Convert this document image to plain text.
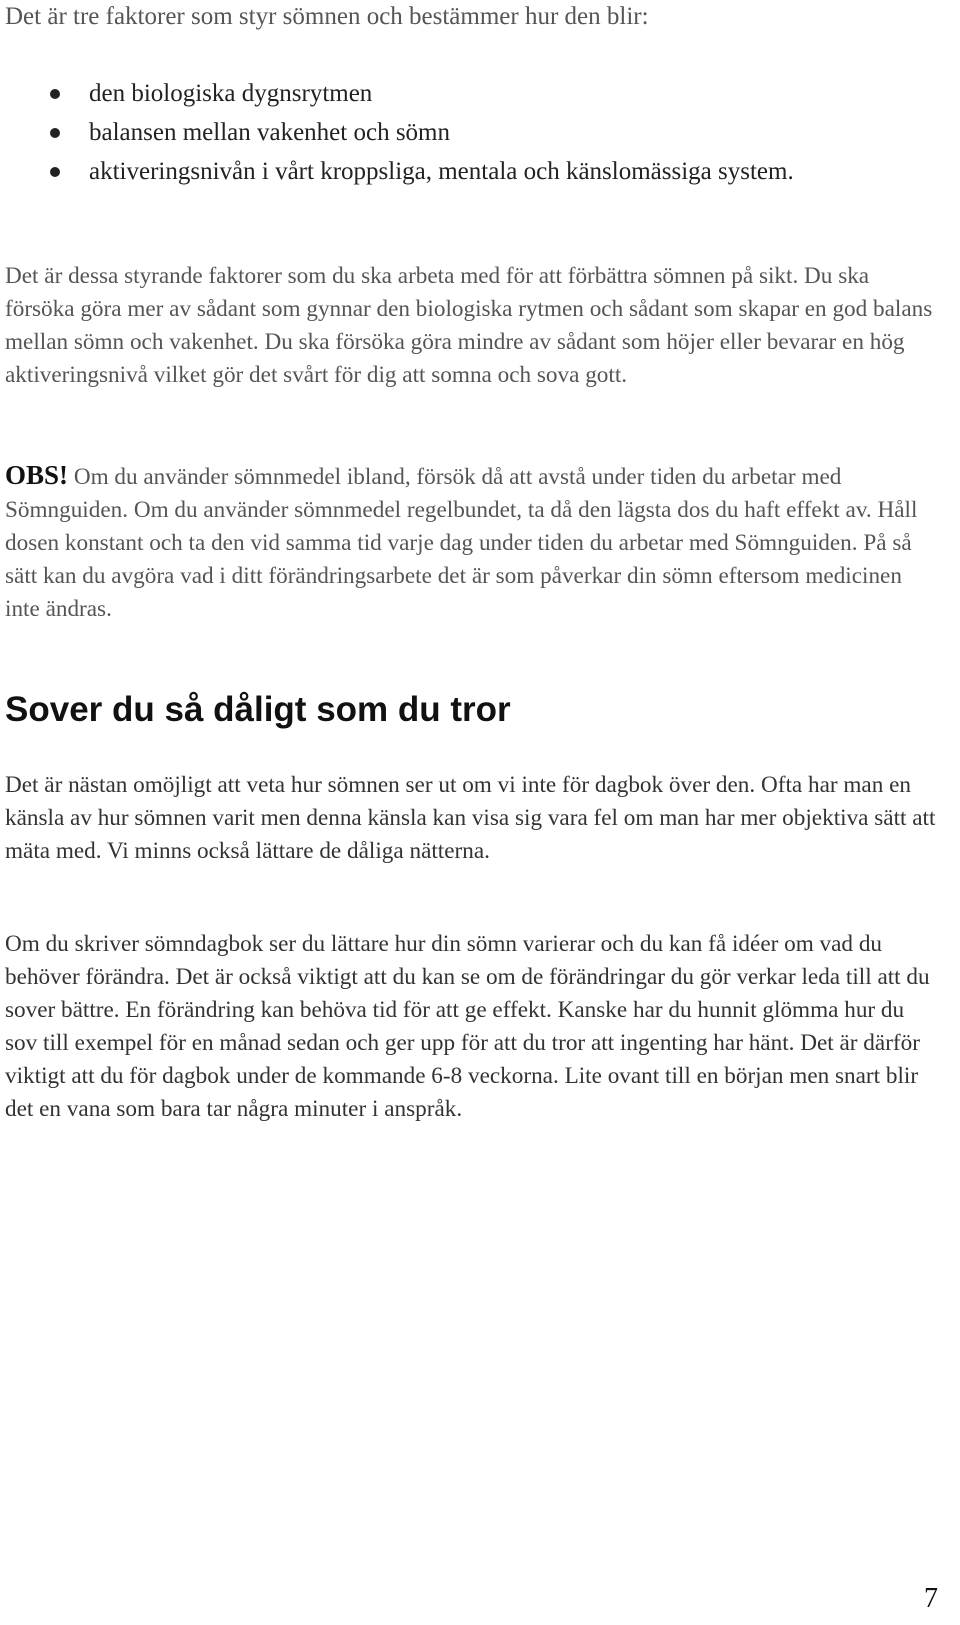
Det är tre faktorer som styr sömnen och bestämmer hur den blir:

den biologiska dygnsrytmen
balansen mellan vakenhet och sömn
aktiveringsnivån i vårt kroppsliga, mentala och känslomässiga system.

Det är dessa styrande faktorer som du ska arbeta med för att förbättra sömnen på sikt. Du ska försöka göra mer av sådant som gynnar den biologiska rytmen och sådant som skapar en god balans mellan sömn och vakenhet. Du ska försöka göra mindre av sådant som höjer eller bevarar en hög aktiveringsnivå vilket gör det svårt för dig att somna och sova gott.

OBS! Om du använder sömnmedel ibland, försök då att avstå under tiden du arbetar med Sömnguiden. Om du använder sömnmedel regelbundet, ta då den lägsta dos du haft effekt av. Håll dosen konstant och ta den vid samma tid varje dag under tiden du arbetar med Sömnguiden. På så sätt kan du avgöra vad i ditt förändringsarbete det är som påverkar din sömn eftersom medicinen inte ändras.

Sover du så dåligt som du tror

Det är nästan omöjligt att veta hur sömnen ser ut om vi inte för dagbok över den. Ofta har man en känsla av hur sömnen varit men denna känsla kan visa sig vara fel om man har mer objektiva sätt att mäta med. Vi minns också lättare de dåliga nätterna.

Om du skriver sömndagbok ser du lättare hur din sömn varierar och du kan få idéer om vad du behöver förändra. Det är också viktigt att du kan se om de förändringar du gör verkar leda till att du sover bättre. En förändring kan behöva tid för att ge effekt. Kanske har du hunnit glömma hur du sov till exempel för en månad sedan och ger upp för att du tror att ingenting har hänt. Det är därför viktigt att du för dagbok under de kommande 6-8 veckorna. Lite ovant till en början men snart blir det en vana som bara tar några minuter i anspråk.

7
